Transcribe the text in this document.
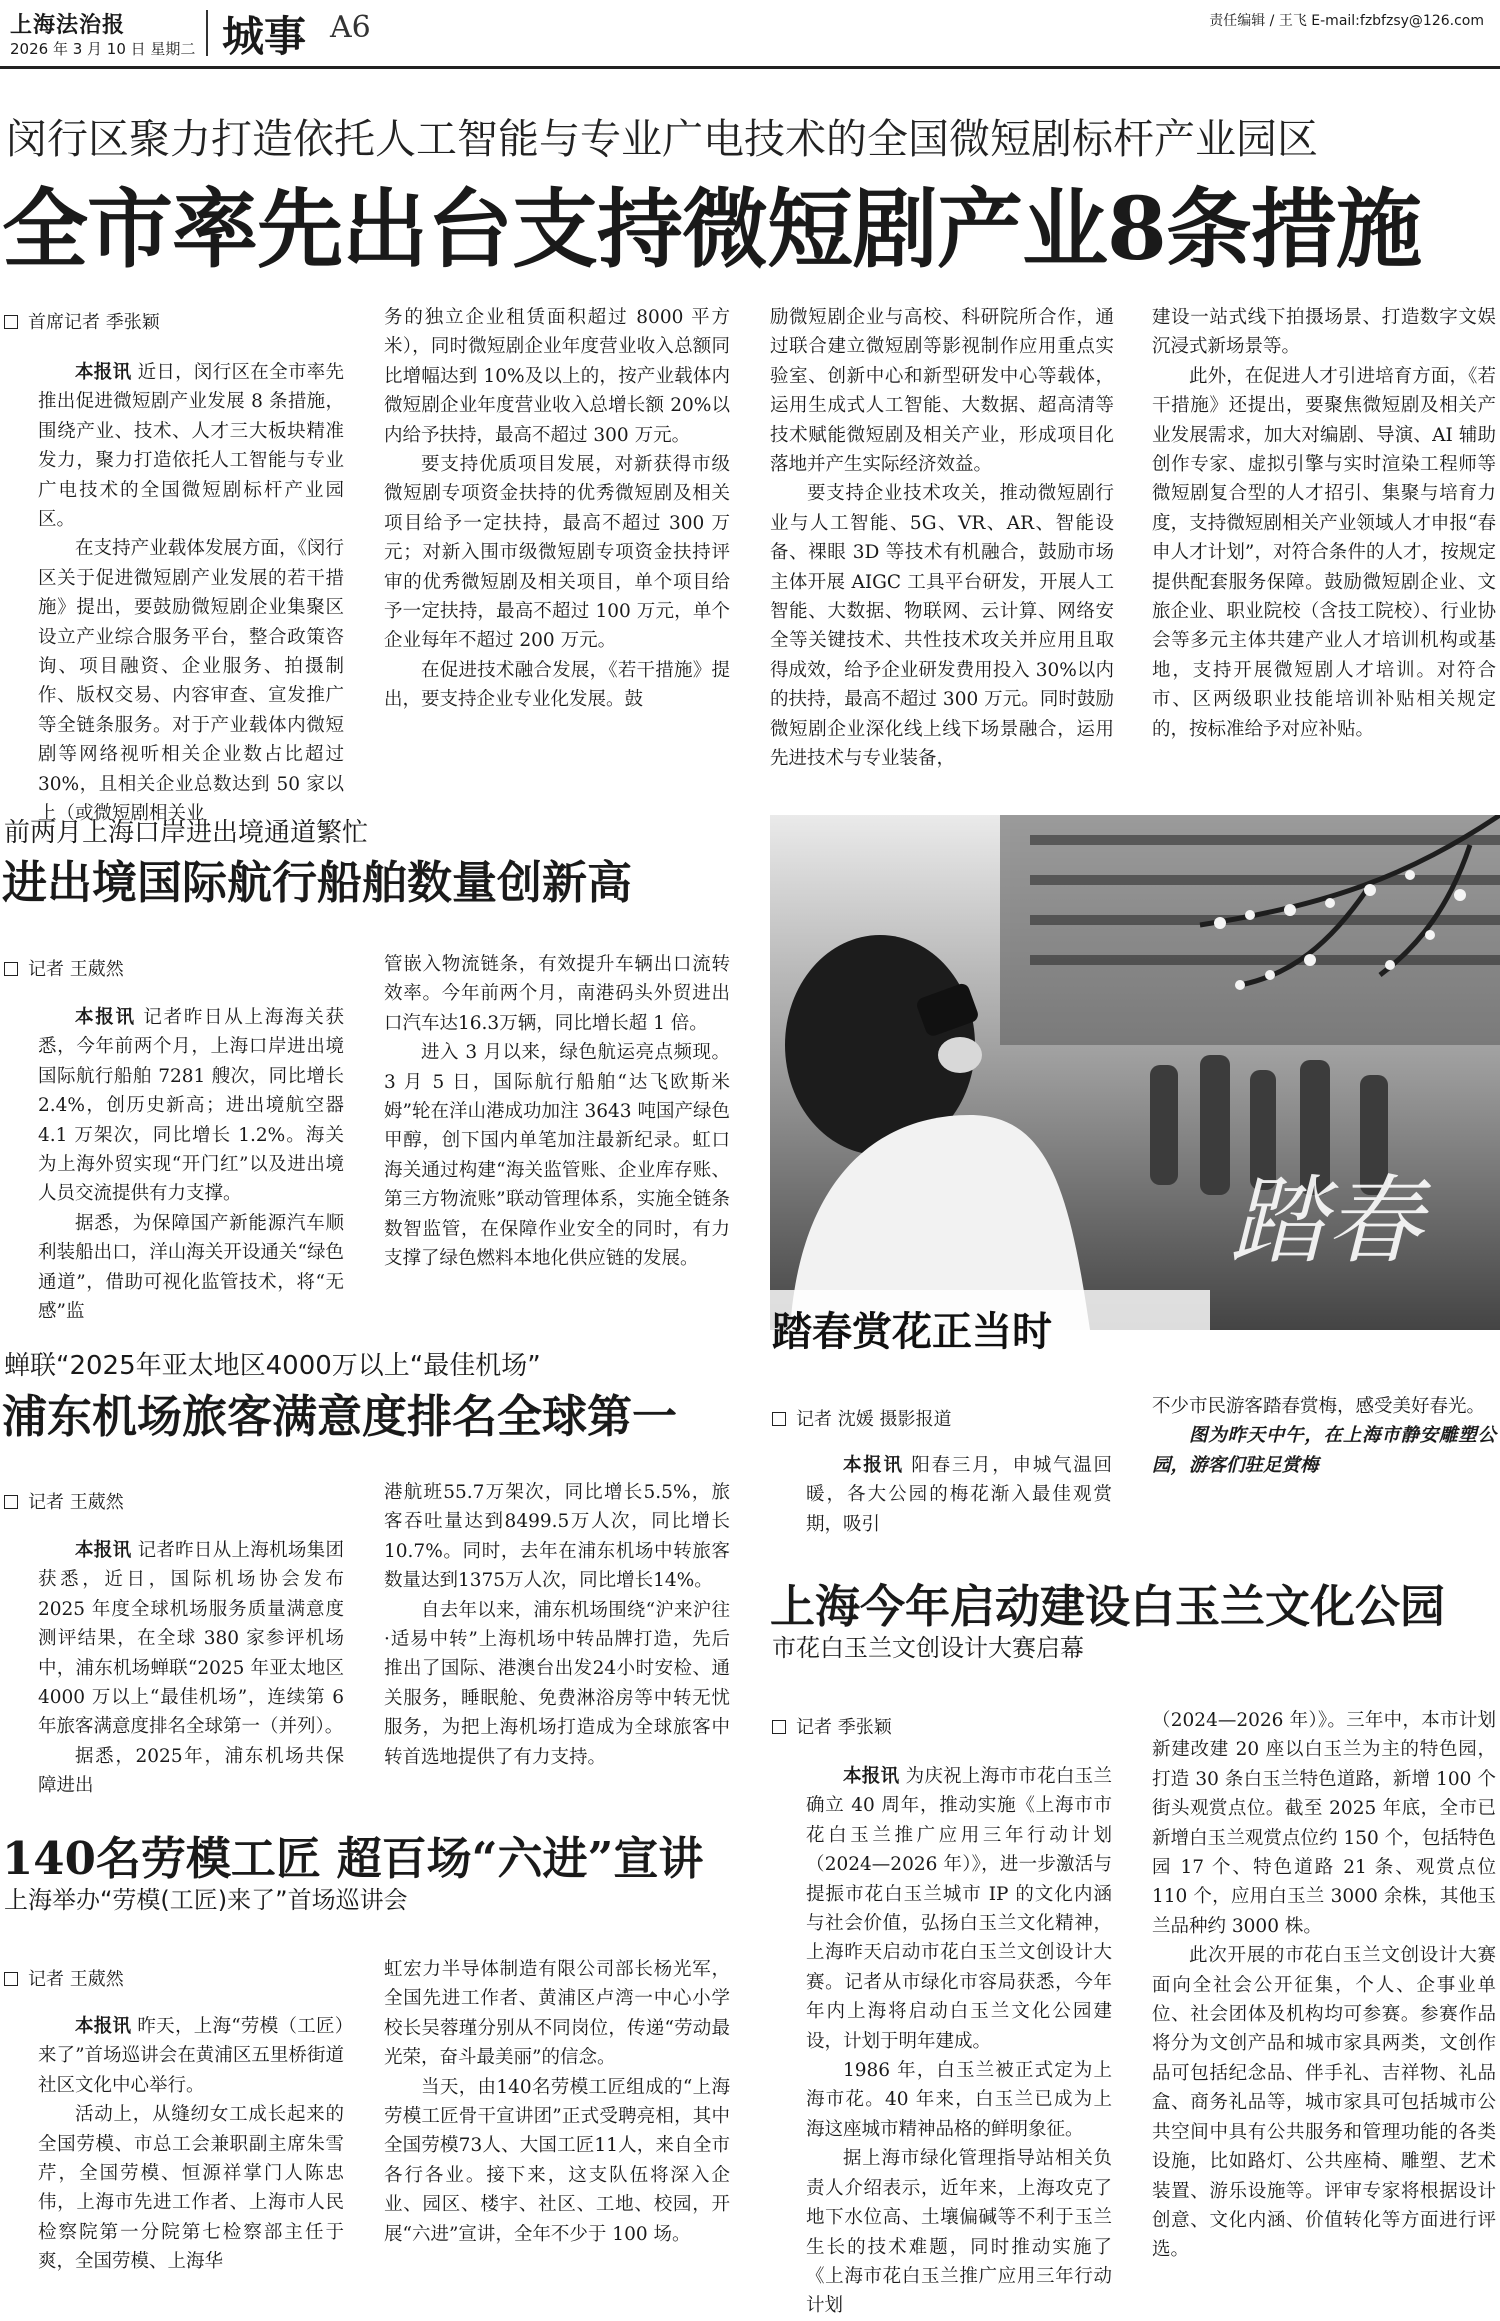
上海法治报
2026 年 3 月 10 日 星期二 城事 A6	责任编辑 / 王飞 E-mail:fzbfzsy@126.com
闵行区聚力打造依托人工智能与专业广电技术的全国微短剧标杆产业园区
全市率先出台支持微短剧产业8条措施
首席记者 季张颖

本报讯 近日，闵行区在全市率先推出促进微短剧产业发展 8 条措施，围绕产业、技术、人才三大板块精准发力，聚力打造依托人工智能与专业广电技术的全国微短剧标杆产业园区。

在支持产业载体发展方面，《闵行区关于促进微短剧产业发展的若干措施》提出，要鼓励微短剧企业集聚区设立产业综合服务平台，整合政策咨询、项目融资、企业服务、拍摄制作、版权交易、内容审查、宣发推广等全链条服务。对于产业载体内微短剧等网络视听相关企业数占比超过 30%，且相关企业总数达到 50 家以上（或微短剧相关业

务的独立企业租赁面积超过 8000 平方米），同时微短剧企业年度营业收入总额同比增幅达到 10%及以上的，按产业载体内微短剧企业年度营业收入总增长额 20%以内给予扶持，最高不超过 300 万元。

要支持优质项目发展，对新获得市级微短剧专项资金扶持的优秀微短剧及相关项目给予一定扶持，最高不超过 300 万元；对新入围市级微短剧专项资金扶持评审的优秀微短剧及相关项目，单个项目给予一定扶持，最高不超过 100 万元，单个企业每年不超过 200 万元。

在促进技术融合发展，《若干措施》提出，要支持企业专业化发展。鼓

励微短剧企业与高校、科研院所合作，通过联合建立微短剧等影视制作应用重点实验室、创新中心和新型研发中心等载体，运用生成式人工智能、大数据、超高清等技术赋能微短剧及相关产业，形成项目化落地并产生实际经济效益。

要支持企业技术攻关，推动微短剧行业与人工智能、5G、VR、AR、智能设备、裸眼 3D 等技术有机融合，鼓励市场主体开展 AIGC 工具平台研发，开展人工智能、大数据、物联网、云计算、网络安全等关键技术、共性技术攻关并应用且取得成效，给予企业研发费用投入 30%以内的扶持，最高不超过 300 万元。同时鼓励微短剧企业深化线上线下场景融合，运用先进技术与专业装备，

建设一站式线下拍摄场景、打造数字文娱沉浸式新场景等。

此外，在促进人才引进培育方面，《若干措施》还提出，要聚焦微短剧及相关产业发展需求，加大对编剧、导演、AI 辅助创作专家、虚拟引擎与实时渲染工程师等微短剧复合型的人才招引、集聚与培育力度，支持微短剧相关产业领域人才申报“春申人才计划”，对符合条件的人才，按规定提供配套服务保障。鼓励微短剧企业、文旅企业、职业院校（含技工院校）、行业协会等多元主体共建产业人才培训机构或基地，支持开展微短剧人才培训。对符合市、区两级职业技能培训补贴相关规定的，按标准给予对应补贴。

前两月上海口岸进出境通道繁忙
进出境国际航行船舶数量创新高
记者 王葳然

本报讯 记者昨日从上海海关获悉，今年前两个月，上海口岸进出境国际航行船舶 7281 艘次，同比增长 2.4%，创历史新高；进出境航空器 4.1 万架次，同比增长 1.2%。海关为上海外贸实现“开门红”以及进出境人员交流提供有力支撑。

据悉，为保障国产新能源汽车顺利装船出口，洋山海关开设通关“绿色通道”，借助可视化监管技术，将“无感”监

管嵌入物流链条，有效提升车辆出口流转效率。今年前两个月，南港码头外贸进出口汽车达16.3万辆，同比增长超 1 倍。

进入 3 月以来，绿色航运亮点频现。3 月 5 日，国际航行船舶“达飞欧斯米姆”轮在洋山港成功加注 3643 吨国产绿色甲醇，创下国内单笔加注最新纪录。虹口海关通过构建“海关监管账、企业库存账、第三方物流账”联动管理体系，实施全链条数智监管，在保障作业安全的同时，有力支撑了绿色燃料本地化供应链的发展。	踏春
踏春赏花正当时
记者 沈媛 摄影报道

本报讯 阳春三月，申城气温回暖，各大公园的梅花渐入最佳观赏期，吸引

不少市民游客踏春赏梅，感受美好春光。

图为昨天中午，在上海市静安雕塑公园，游客们驻足赏梅

蝉联“2025年亚太地区4000万以上“最佳机场”
浦东机场旅客满意度排名全球第一
记者 王葳然

本报讯 记者昨日从上海机场集团获悉，近日，国际机场协会发布 2025 年度全球机场服务质量满意度测评结果，在全球 380 家参评机场中，浦东机场蝉联“2025 年亚太地区 4000 万以上“最佳机场”，连续第 6 年旅客满意度排名全球第一（并列）。

据悉，2025年，浦东机场共保障进出

港航班55.7万架次，同比增长5.5%，旅客吞吐量达到8499.5万人次，同比增长10.7%。同时，去年在浦东机场中转旅客数量达到1375万人次，同比增长14%。

自去年以来，浦东机场围绕“沪来沪往·适易中转”上海机场中转品牌打造，先后推出了国际、港澳台出发24小时安检、通关服务，睡眠舱、免费淋浴房等中转无忧服务，为把上海机场打造成为全球旅客中转首选地提供了有力支持。

上海今年启动建设白玉兰文化公园
市花白玉兰文创设计大赛启幕
记者 季张颖

本报讯 为庆祝上海市市花白玉兰确立 40 周年，推动实施《上海市市花白玉兰推广应用三年行动计划（2024—2026 年）》，进一步激活与提振市花白玉兰城市 IP 的文化内涵与社会价值，弘扬白玉兰文化精神，上海昨天启动市花白玉兰文创设计大赛。记者从市绿化市容局获悉，今年年内上海将启动白玉兰文化公园建设，计划于明年建成。

1986 年，白玉兰被正式定为上海市花。40 年来，白玉兰已成为上海这座城市精神品格的鲜明象征。

据上海市绿化管理指导站相关负责人介绍表示，近年来，上海攻克了地下水位高、土壤偏碱等不利于玉兰生长的技术难题，同时推动实施了《上海市花白玉兰推广应用三年行动计划

（2024—2026 年）》。三年中，本市计划新建改建 20 座以白玉兰为主的特色园，打造 30 条白玉兰特色道路，新增 100 个街头观赏点位。截至 2025 年底，全市已新增白玉兰观赏点位约 150 个，包括特色园 17 个、特色道路 21 条、观赏点位 110 个，应用白玉兰 3000 余株，其他玉兰品种约 3000 株。

此次开展的市花白玉兰文创设计大赛面向全社会公开征集，个人、企事业单位、社会团体及机构均可参赛。参赛作品将分为文创产品和城市家具两类，文创作品可包括纪念品、伴手礼、吉祥物、礼品盒、商务礼品等，城市家具可包括城市公共空间中具有公共服务和管理功能的各类设施，比如路灯、公共座椅、雕塑、艺术装置、游乐设施等。评审专家将根据设计创意、文化内涵、价值转化等方面进行评选。

140名劳模工匠 超百场“六进”宣讲
上海举办“劳模(工匠)来了”首场巡讲会
记者 王葳然

本报讯 昨天，上海“劳模（工匠）来了”首场巡讲会在黄浦区五里桥街道社区文化中心举行。

活动上，从缝纫女工成长起来的全国劳模、市总工会兼职副主席朱雪芹，全国劳模、恒源祥掌门人陈忠伟，上海市先进工作者、上海市人民检察院第一分院第七检察部主任于爽，全国劳模、上海华

虹宏力半导体制造有限公司部长杨光军，全国先进工作者、黄浦区卢湾一中心小学校长吴蓉瑾分别从不同岗位，传递“劳动最光荣，奋斗最美丽”的信念。

当天，由140名劳模工匠组成的“上海劳模工匠骨干宣讲团”正式受聘亮相，其中全国劳模73人、大国工匠11人，来自全市各行各业。接下来，这支队伍将深入企业、园区、楼宇、社区、工地、校园，开展“六进”宣讲，全年不少于 100 场。
